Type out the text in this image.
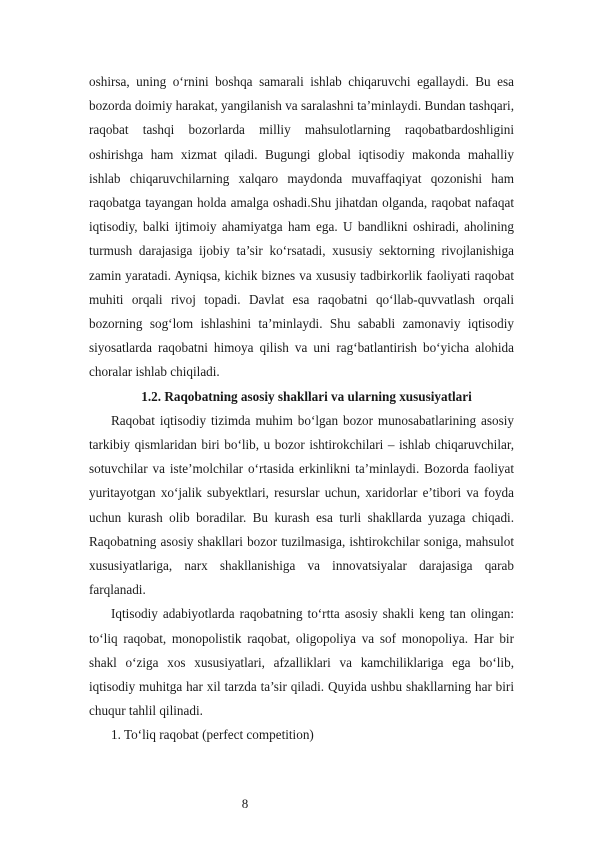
oshirsa, uning o‘rnini boshqa samarali ishlab chiqaruvchi egallaydi. Bu esa bozorda doimiy harakat, yangilanish va saralashni ta’minlaydi. Bundan tashqari, raqobat tashqi bozorlarda milliy mahsulotlarning raqobatbardoshligini oshirishga ham xizmat qiladi. Bugungi global iqtisodiy makonda mahalliy ishlab chiqaruvchilarning xalqaro maydonda muvaffaqiyat qozonishi ham raqobatga tayangan holda amalga oshadi.Shu jihatdan olganda, raqobat nafaqat iqtisodiy, balki ijtimoiy ahamiyatga ham ega. U bandlikni oshiradi, aholining turmush darajasiga ijobiy ta’sir ko‘rsatadi, xususiy sektorning rivojlanishiga zamin yaratadi. Ayniqsa, kichik biznes va xususiy tadbirkorlik faoliyati raqobat muhiti orqali rivoj topadi. Davlat esa raqobatni qo‘llab-quvvatlash orqali bozorning sog‘lom ishlashini ta’minlaydi. Shu sababli zamonaviy iqtisodiy siyosatlarda raqobatni himoya qilish va uni rag‘batlantirish bo‘yicha alohida choralar ishlab chiqiladi.

1.2. Raqobatning asosiy shakllari va ularning xususiyatlari

Raqobat iqtisodiy tizimda muhim bo‘lgan bozor munosabatlarining asosiy tarkibiy qismlaridan biri bo‘lib, u bozor ishtirokchilari – ishlab chiqaruvchilar, sotuvchilar va iste’molchilar o‘rtasida erkinlikni ta’minlaydi. Bozorda faoliyat yuritayotgan xo‘jalik subyektlari, resurslar uchun, xaridorlar e’tibori va foyda uchun kurash olib boradilar. Bu kurash esa turli shakllarda yuzaga chiqadi. Raqobatning asosiy shakllari bozor tuzilmasiga, ishtirokchilar soniga, mahsulot xususiyatlariga, narx shakllanishiga va innovatsiyalar darajasiga qarab farqlanadi.

Iqtisodiy adabiyotlarda raqobatning to‘rtta asosiy shakli keng tan olingan: to‘liq raqobat, monopolistik raqobat, oligopoliya va sof monopoliya. Har bir shakl o‘ziga xos xususiyatlari, afzalliklari va kamchiliklariga ega bo‘lib, iqtisodiy muhitga har xil tarzda ta’sir qiladi. Quyida ushbu shakllarning har biri chuqur tahlil qilinadi.

1. To‘liq raqobat (perfect competition)

8
